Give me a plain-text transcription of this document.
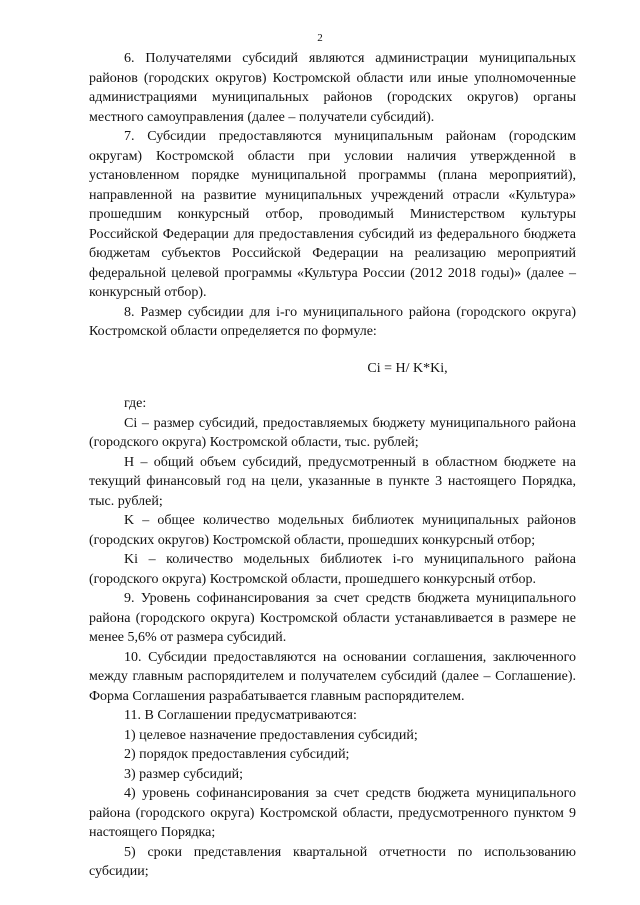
2

6. Получателями субсидий являются администрации муниципальных районов (городских округов) Костромской области или иные уполномоченные администрациями муниципальных районов (городских округов) органы местного самоуправления (далее – получатели субсидий).

7. Субсидии предоставляются муниципальным районам (городским округам) Костромской области при условии наличия утвержденной в установленном порядке муниципальной программы (плана мероприятий), направленной на развитие муниципальных учреждений отрасли «Культура» прошедшим конкурсный отбор, проводимый Министерством культуры Российской Федерации для предоставления субсидий из федерального бюджета бюджетам субъектов Российской Федерации на реализацию мероприятий федеральной целевой программы «Культура России (2012 2018 годы)» (далее – конкурсный отбор).

8. Размер субсидии для i-го муниципального района (городского округа) Костромской области определяется по формуле:

Ci = H/ K*Ki,

где:

Ci – размер субсидий, предоставляемых бюджету муниципального района (городского округа) Костромской области, тыс. рублей;

H – общий объем субсидий, предусмотренный в областном бюджете на текущий финансовый год на цели, указанные в пункте 3 настоящего Порядка, тыс. рублей;

K – общее количество модельных библиотек муниципальных районов (городских округов) Костромской области, прошедших конкурсный отбор;

Ki – количество модельных библиотек i-го муниципального района (городского округа) Костромской области, прошедшего конкурсный отбор.

9. Уровень софинансирования за счет средств бюджета муниципального района (городского округа) Костромской области устанавливается в размере не менее 5,6% от размера субсидий.

10. Субсидии предоставляются на основании соглашения, заключенного между главным распорядителем и получателем субсидий (далее – Соглашение). Форма Соглашения разрабатывается главным распорядителем.

11. В Соглашении предусматриваются:

1) целевое назначение предоставления субсидий;

2) порядок предоставления субсидий;

3) размер субсидий;

4) уровень софинансирования за счет средств бюджета муниципального района (городского округа) Костромской области, предусмотренного пунктом 9 настоящего Порядка;

5) сроки представления квартальной отчетности по использованию субсидии;
